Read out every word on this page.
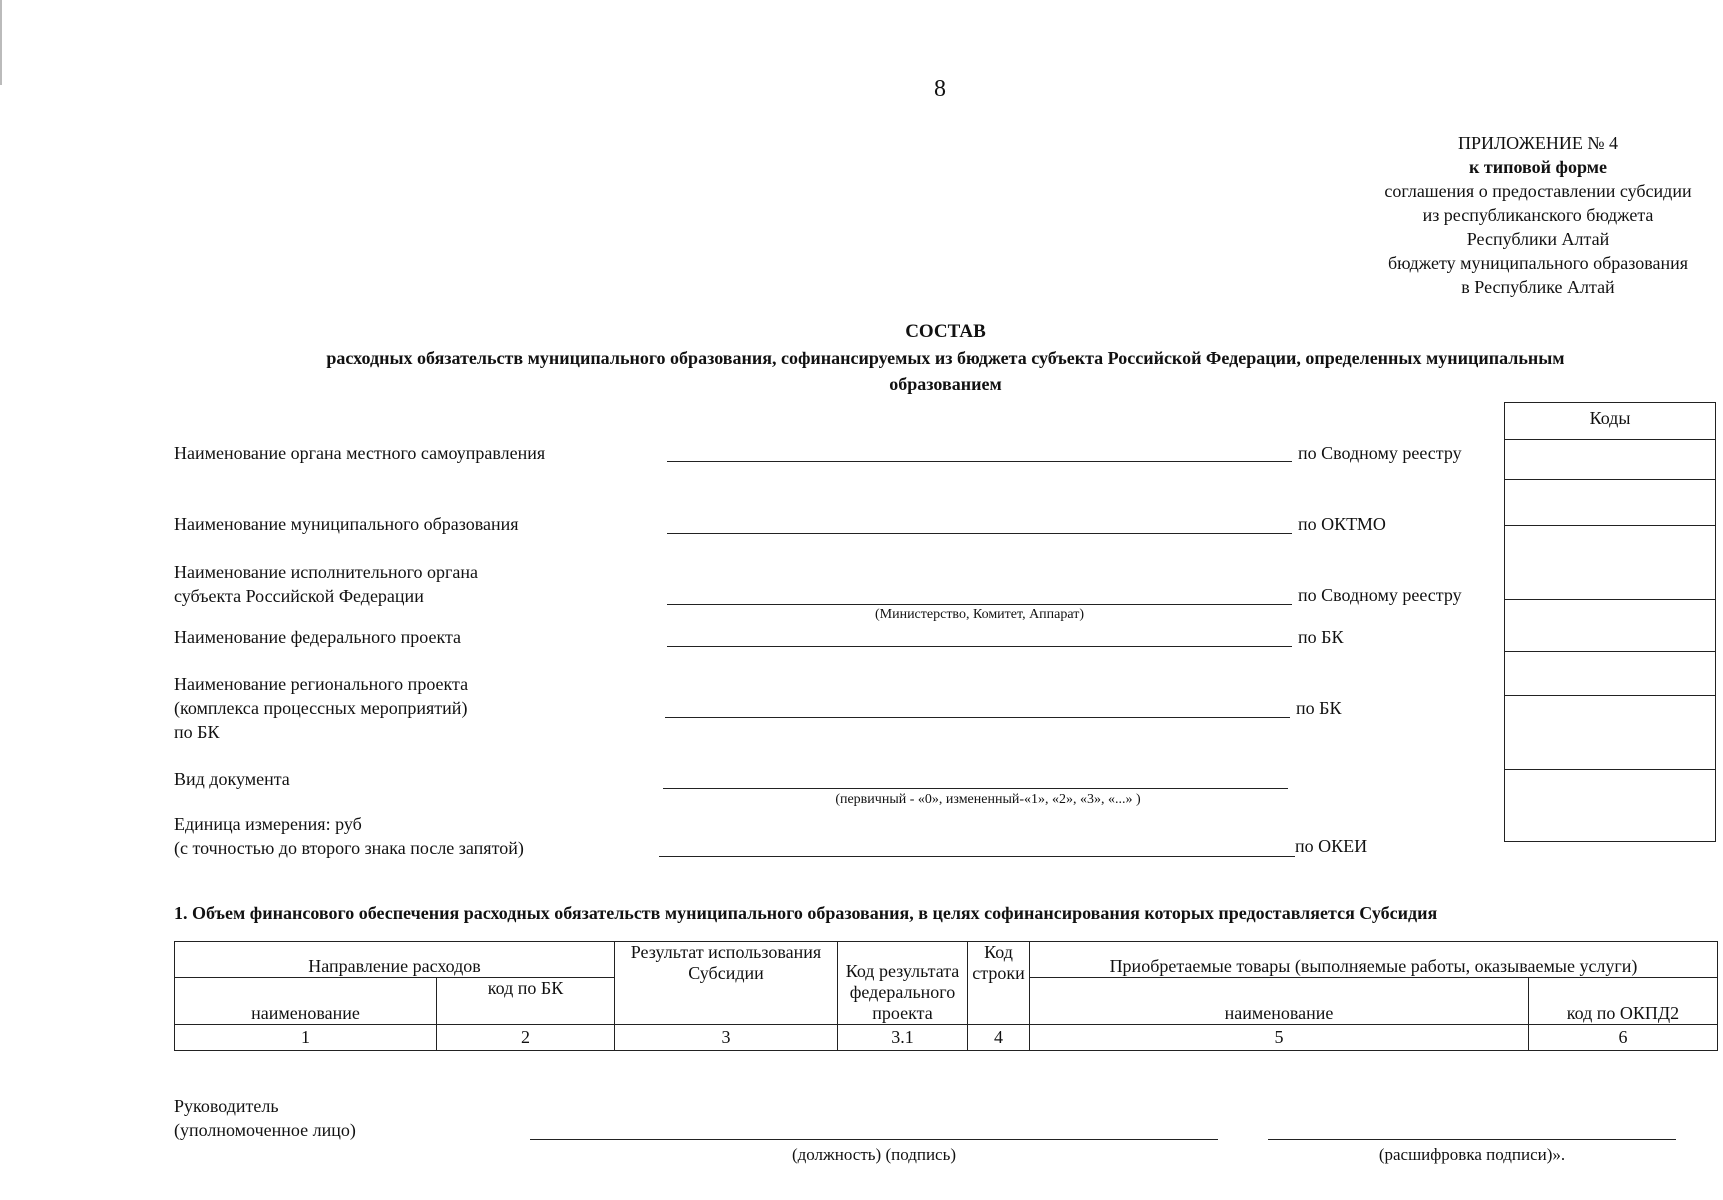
8
ПРИЛОЖЕНИЕ № 4
к типовой форме
соглашения о предоставлении субсидии
из республиканского бюджета
Республики Алтай
бюджету муниципального образования
в Республике Алтай
СОСТАВ
расходных обязательств муниципального образования, софинансируемых из бюджета субъекта Российской Федерации, определенных муниципальным
образованием
Коды
Наименование органа местного самоуправления	по Сводному реестру
Наименование муниципального образования	по ОКТМО
Наименование исполнительного органа
субъекта Российской Федерации	по Сводному реестру
(Министерство, Комитет, Аппарат)
Наименование федерального проекта	по БК
Наименование регионального проекта
(комплекса процессных мероприятий)
по БК
по БК
Вид документа
(первичный - «0», измененный-«1», «2», «3», «...» )
Единица измерения: руб
(с точностью до второго знака после запятой)	по ОКЕИ
1. Объем финансового обеспечения расходных обязательств муниципального образования, в целях софинансирования которых предоставляется Субсидия
Направление расходов		Результат использования Субсидии	Код результата федерального проекта	Код строки	Приобретаемые товары (выполняемые работы, оказываемые услуги)	
наименование	код по БК				наименование	код по ОКПД2
1	2	3	3.1	4	5	6
Руководитель
(уполномоченное лицо)
(должность) (подпись)	(расшифровка подписи)».
